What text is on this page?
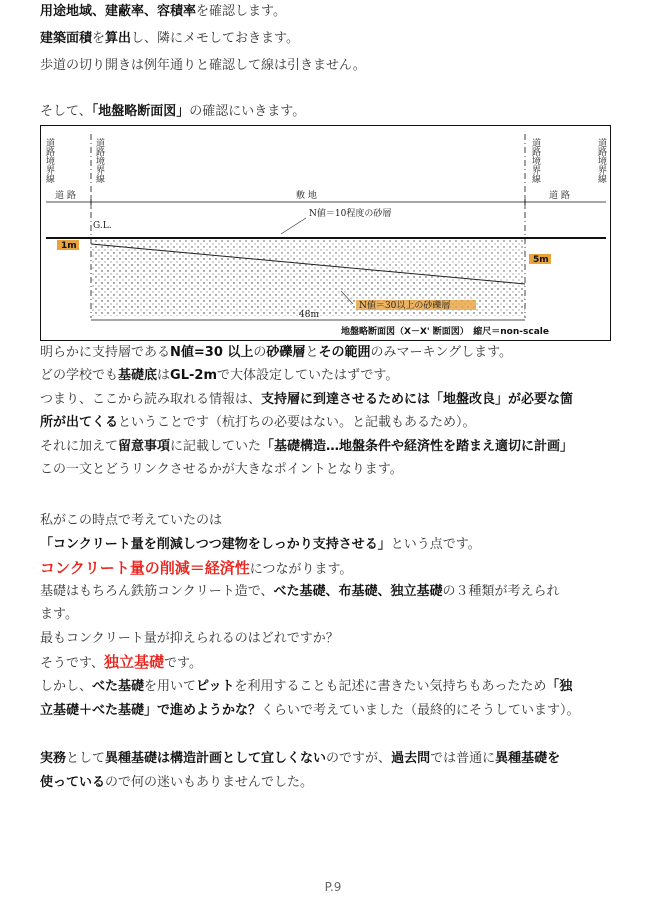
用途地域、建蔽率、容積率を確認します。
建築面積を算出し、隣にメモしておきます。
歩道の切り開きは例年通りと確認して線は引きません。
そして、「地盤略断面図」の確認にいきます。
道路境界線	道路境界線	道路境界線	道路境界線
道 路	敷 地	道 路
G.L.
N値＝10程度の砂層
1m
5m
N値＝30以上の砂礫層
48m
地盤略断面図（X－X' 断面図）　縮尺＝non-scale
明らかに支持層であるN値=30 以上の砂礫層とその範囲のみマーキングします。
どの学校でも基礎底はGL-2mで大体設定していたはずです。
つまり、ここから読み取れる情報は、支持層に到達させるためには「地盤改良」が必要な箇
所が出てくるということです（杭打ちの必要はない。と記載もあるため）。
それに加えて留意事項に記載していた「基礎構造…地盤条件や経済性を踏まえ適切に計画」
この一文とどうリンクさせるかが大きなポイントとなります。
私がこの時点で考えていたのは
「コンクリート量を削減しつつ建物をしっかり支持させる」という点です。
コンクリート量の削減＝経済性につながります。
基礎はもちろん鉄筋コンクリート造で、べた基礎、布基礎、独立基礎の３種類が考えられ
ます。
最もコンクリート量が抑えられるのはどれですか？
そうです、独立基礎です。
しかし、べた基礎を用いてピットを利用することも記述に書きたい気持ちもあったため「独
立基礎＋べた基礎」で進めようかな？くらいで考えていました（最終的にそうしています）。
実務として異種基礎は構造計画として宜しくないのですが、過去問では普通に異種基礎を
使っているので何の迷いもありませんでした。
P.9
